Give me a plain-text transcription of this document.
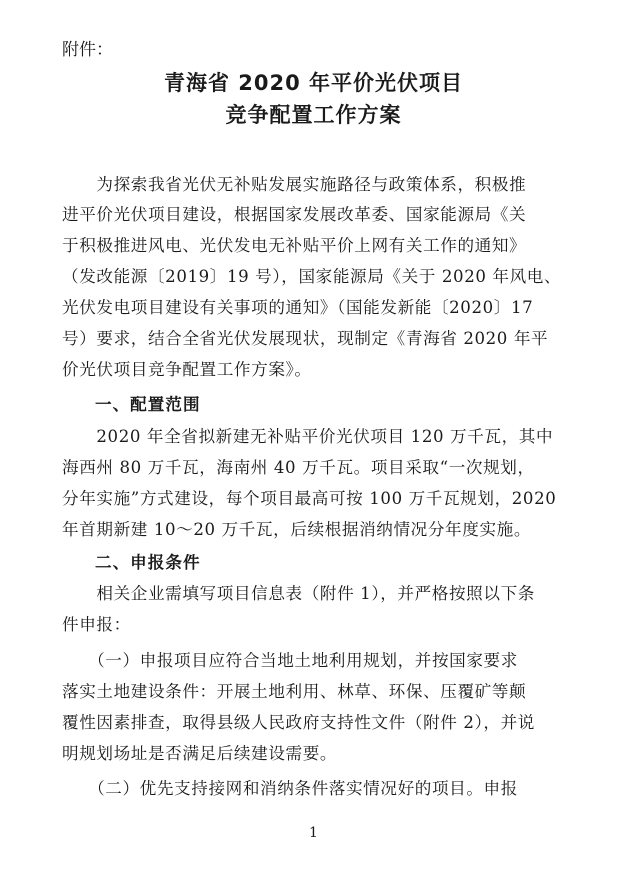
附件：
青海省 2020 年平价光伏项目
竞争配置工作方案
　　为探索我省光伏无补贴发展实施路径与政策体系，积极推
进平价光伏项目建设，根据国家发展改革委、国家能源局《关
于积极推进风电、光伏发电无补贴平价上网有关工作的通知》
（发改能源〔2019〕19 号），国家能源局《关于 2020 年风电、
光伏发电项目建设有关事项的通知》（国能发新能〔2020〕17
号）要求，结合全省光伏发展现状，现制定《青海省 2020 年平
价光伏项目竞争配置工作方案》。
一、配置范围
　　2020 年全省拟新建无补贴平价光伏项目 120 万千瓦，其中
海西州 80 万千瓦，海南州 40 万千瓦。项目采取“一次规划，
分年实施”方式建设，每个项目最高可按 100 万千瓦规划，2020
年首期新建 10～20 万千瓦，后续根据消纳情况分年度实施。
二、申报条件
　　相关企业需填写项目信息表（附件 1），并严格按照以下条
件申报：
　　（一）申报项目应符合当地土地利用规划，并按国家要求
落实土地建设条件：开展土地利用、林草、环保、压覆矿等颠
覆性因素排查，取得县级人民政府支持性文件（附件 2），并说
明规划场址是否满足后续建设需要。
　　（二）优先支持接网和消纳条件落实情况好的项目。申报
1
